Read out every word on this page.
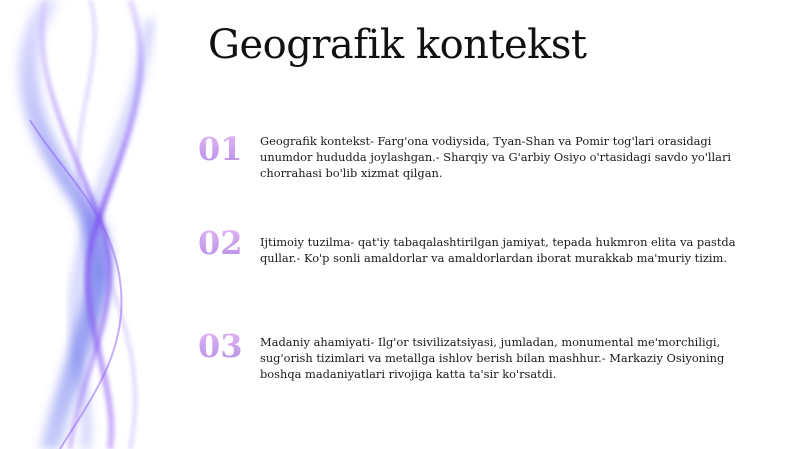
Geografik kontekst
01	Geografik kontekst- Farg'ona vodiysida, Tyan-Shan va Pomir tog'lari orasidagi unumdor hududda joylashgan.- Sharqiy va G'arbiy Osiyo o'rtasidagi savdo yo'llari chorrahasi bo'lib xizmat qilgan.
02	Ijtimoiy tuzilma- qat'iy tabaqalashtirilgan jamiyat, tepada hukmron elita va pastda qullar.- Ko'p sonli amaldorlar va amaldorlardan iborat murakkab ma'muriy tizim.
03	Madaniy ahamiyati- Ilg'or tsivilizatsiyasi, jumladan, monumental me'morchiligi, sug'orish tizimlari va metallga ishlov berish bilan mashhur.- Markaziy Osiyoning boshqa madaniyatlari rivojiga katta ta'sir ko'rsatdi.
